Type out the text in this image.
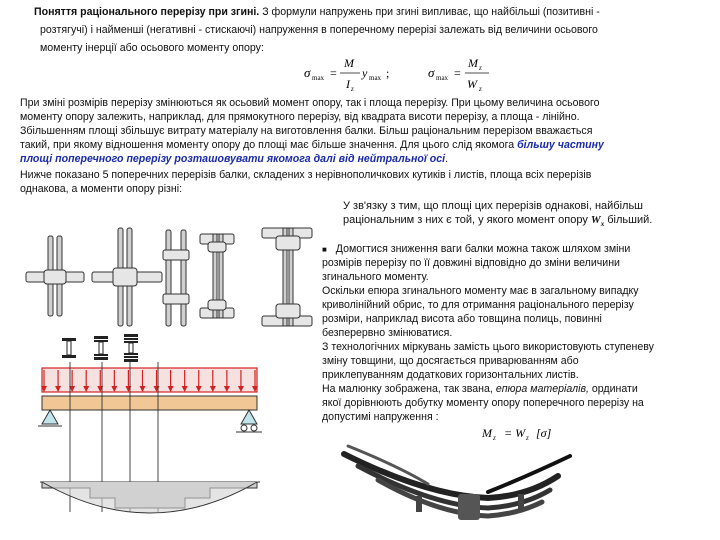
Поняття раціонального перерізу при згині. З формули напружень при згині випливає, що найбільші (позитивні -
розтягучі) і найменші (негативні - стискаючі) напруження в поперечному перерізі залежать від величини осьового
моменту інерції або осьового моменту опору:
σ max =
M
I z
y max ;	σ max =
M z
W z
При зміні розмірів перерізу змінюються як осьовий момент опору, так і площа перерізу. При цьому величина осьового
моменту опору залежить, наприклад, для прямокутного перерізу, від квадрата висоти перерізу, а площа - лінійно.
Збільшенням площі збільшує витрату матеріалу на виготовлення балки. Більш раціональним перерізом вважається
такий, при якому відношення моменту опору до площі має більше значення. Для цього слід якомога більшу частину
площі поперечного перерізу розташовувати якомога далі від нейтральної осі.
Нижче показано 5 поперечних перерізів балки, складених з нерівнополичкових кутиків і листів, площа всіх перерізів
однакова, а моменти опору різні:
У зв'язку з тим, що площі цих перерізів однакові, найбільш
раціональним з них є той, у якого момент опору $W_x$ більший.
■ Домогтися зниження ваги балки можна також шляхом зміни
розмірів перерізу по її довжині відповідно до зміни величини
згинального моменту.
Оскільки епюра згинального моменту має в загальному випадку
криволінійний обрис, то для отримання раціонального перерізу
розміри, наприклад висота або товщина полиць, повинні
безперервно змінюватися.
З технологічних міркувань замість цього використовують ступеневу
зміну товщини, що досягається приварюванням або
приклепуванням додаткових горизонтальних листів.
На малюнку зображена, так звана, епюра матеріалів, ординати
якої дорівнюють добутку моменту опору поперечного перерізу на
допустимі напруження :
M z = W z [σ]
